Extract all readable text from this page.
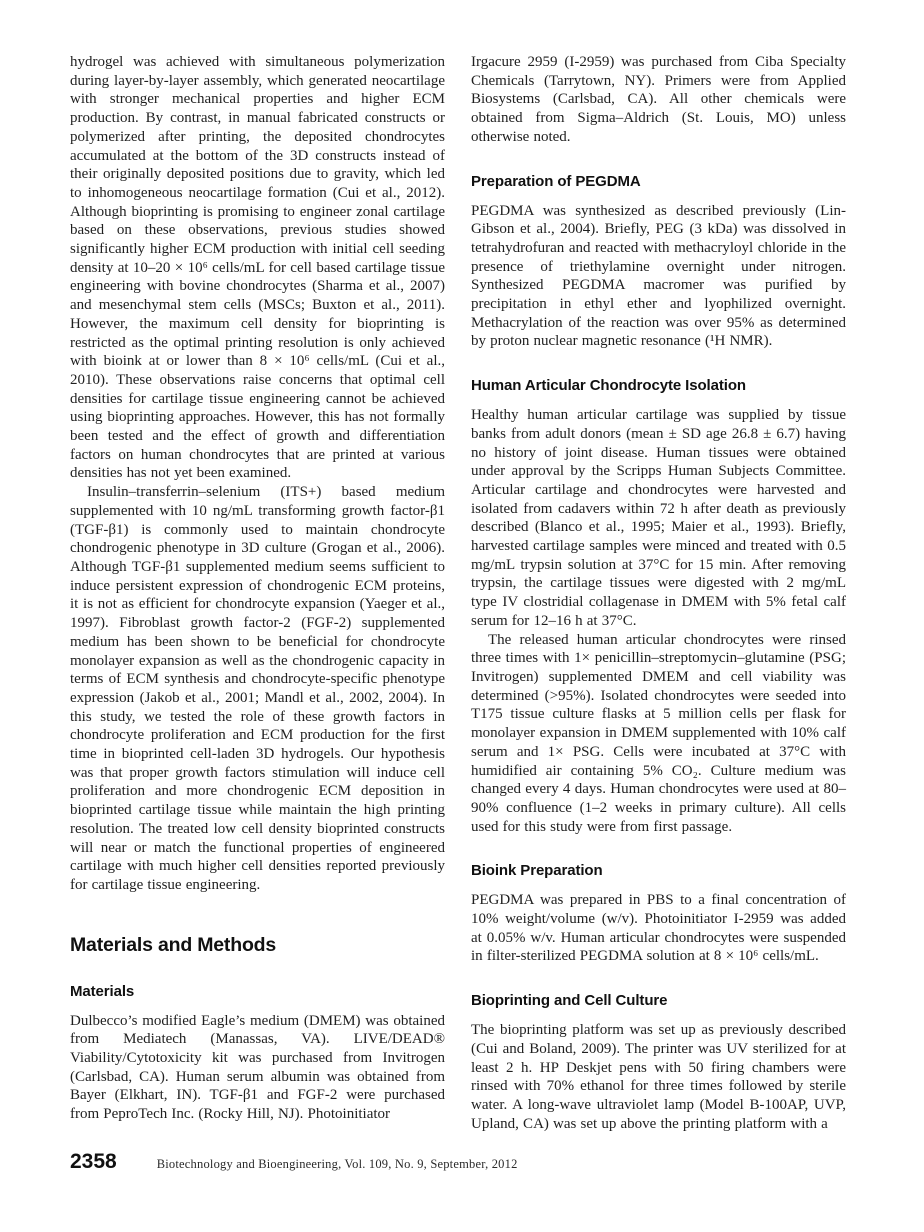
hydrogel was achieved with simultaneous polymerization during layer-by-layer assembly, which generated neocartilage with stronger mechanical properties and higher ECM production. By contrast, in manual fabricated constructs or polymerized after printing, the deposited chondrocytes accumulated at the bottom of the 3D constructs instead of their originally deposited positions due to gravity, which led to inhomogeneous neocartilage formation (Cui et al., 2012). Although bioprinting is promising to engineer zonal cartilage based on these observations, previous studies showed significantly higher ECM production with initial cell seeding density at 10–20 × 10⁶ cells/mL for cell based cartilage tissue engineering with bovine chondrocytes (Sharma et al., 2007) and mesenchymal stem cells (MSCs; Buxton et al., 2011). However, the maximum cell density for bioprinting is restricted as the optimal printing resolution is only achieved with bioink at or lower than 8 × 10⁶ cells/mL (Cui et al., 2010). These observations raise concerns that optimal cell densities for cartilage tissue engineering cannot be achieved using bioprinting approaches. However, this has not formally been tested and the effect of growth and differentiation factors on human chondrocytes that are printed at various densities has not yet been examined.

Insulin–transferrin–selenium (ITS+) based medium supplemented with 10 ng/mL transforming growth factor-β1 (TGF-β1) is commonly used to maintain chondrocyte chondrogenic phenotype in 3D culture (Grogan et al., 2006). Although TGF-β1 supplemented medium seems sufficient to induce persistent expression of chondrogenic ECM proteins, it is not as efficient for chondrocyte expansion (Yaeger et al., 1997). Fibroblast growth factor-2 (FGF-2) supplemented medium has been shown to be beneficial for chondrocyte monolayer expansion as well as the chondrogenic capacity in terms of ECM synthesis and chondrocyte-specific phenotype expression (Jakob et al., 2001; Mandl et al., 2002, 2004). In this study, we tested the role of these growth factors in chondrocyte proliferation and ECM production for the first time in bioprinted cell-laden 3D hydrogels. Our hypothesis was that proper growth factors stimulation will induce cell proliferation and more chondrogenic ECM deposition in bioprinted cartilage tissue while maintain the high printing resolution. The treated low cell density bioprinted constructs will near or match the functional properties of engineered cartilage with much higher cell densities reported previously for cartilage tissue engineering.

Materials and Methods
Materials

Dulbecco’s modified Eagle’s medium (DMEM) was obtained from Mediatech (Manassas, VA). LIVE/DEAD® Viability/Cytotoxicity kit was purchased from Invitrogen (Carlsbad, CA). Human serum albumin was obtained from Bayer (Elkhart, IN). TGF-β1 and FGF-2 were purchased from PeproTech Inc. (Rocky Hill, NJ). Photoinitiator

Irgacure 2959 (I-2959) was purchased from Ciba Specialty Chemicals (Tarrytown, NY). Primers were from Applied Biosystems (Carlsbad, CA). All other chemicals were obtained from Sigma–Aldrich (St. Louis, MO) unless otherwise noted.

Preparation of PEGDMA

PEGDMA was synthesized as described previously (Lin-Gibson et al., 2004). Briefly, PEG (3 kDa) was dissolved in tetrahydrofuran and reacted with methacryloyl chloride in the presence of triethylamine overnight under nitrogen. Synthesized PEGDMA macromer was purified by precipitation in ethyl ether and lyophilized overnight. Methacrylation of the reaction was over 95% as determined by proton nuclear magnetic resonance (¹H NMR).

Human Articular Chondrocyte Isolation

Healthy human articular cartilage was supplied by tissue banks from adult donors (mean ± SD age 26.8 ± 6.7) having no history of joint disease. Human tissues were obtained under approval by the Scripps Human Subjects Committee. Articular cartilage and chondrocytes were harvested and isolated from cadavers within 72 h after death as previously described (Blanco et al., 1995; Maier et al., 1993). Briefly, harvested cartilage samples were minced and treated with 0.5 mg/mL trypsin solution at 37°C for 15 min. After removing trypsin, the cartilage tissues were digested with 2 mg/mL type IV clostridial collagenase in DMEM with 5% fetal calf serum for 12–16 h at 37°C.

The released human articular chondrocytes were rinsed three times with 1× penicillin–streptomycin–glutamine (PSG; Invitrogen) supplemented DMEM and cell viability was determined (>95%). Isolated chondrocytes were seeded into T175 tissue culture flasks at 5 million cells per flask for monolayer expansion in DMEM supplemented with 10% calf serum and 1× PSG. Cells were incubated at 37°C with humidified air containing 5% CO₂. Culture medium was changed every 4 days. Human chondrocytes were used at 80–90% confluence (1–2 weeks in primary culture). All cells used for this study were from first passage.

Bioink Preparation

PEGDMA was prepared in PBS to a final concentration of 10% weight/volume (w/v). Photoinitiator I-2959 was added at 0.05% w/v. Human articular chondrocytes were suspended in filter-sterilized PEGDMA solution at 8 × 10⁶ cells/mL.

Bioprinting and Cell Culture

The bioprinting platform was set up as previously described (Cui and Boland, 2009). The printer was UV sterilized for at least 2 h. HP Deskjet pens with 50 firing chambers were rinsed with 70% ethanol for three times followed by sterile water. A long-wave ultraviolet lamp (Model B-100AP, UVP, Upland, CA) was set up above the printing platform with a

2358	Biotechnology and Bioengineering, Vol. 109, No. 9, September, 2012
